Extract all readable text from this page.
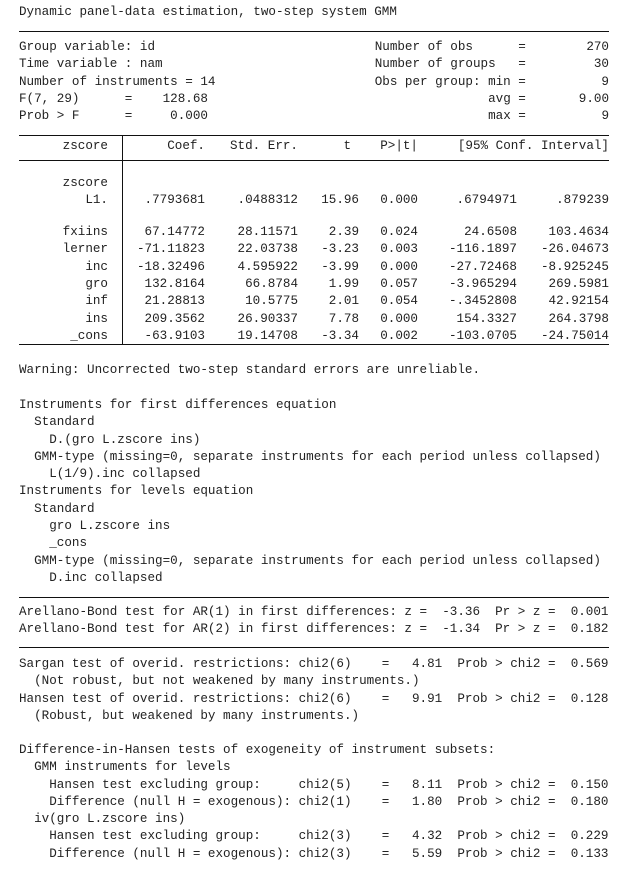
Dynamic panel-data estimation, two-step system GMM
Group variable: id	Number of obs      =        270
Time variable : nam	Number of groups   =         30
Number of instruments = 14	Obs per group: min =          9
F(7, 29)      =    128.68	avg =       9.00
Prob > F      =     0.000	max =          9
zscore	Coef. Std. Err.	t P>|t|	[95% Conf. Interval]
zscore
L1.	.7793681	.0488312 15.96 0.000	.6794971	.879239
fxiins	67.14772	28.11571 2.39 0.024	24.6508	103.4634
lerner -71.11823	22.03738 -3.23 0.003 -116.1897 -26.04673
inc -18.32496	4.595922 -3.99 0.000 -27.72468 -8.925245
gro	132.8164	66.8784 1.99 0.057 -3.965294	269.5981
inf	21.28813	10.5775 2.01 0.054 -.3452808	42.92154
ins	209.3562	26.90337 7.78 0.000	154.3327	264.3798
_cons	-63.9103	19.14708 -3.34 0.002 -103.0705 -24.75014
Warning: Uncorrected two-step standard errors are unreliable.
Instruments for first differences equation
Standard
D.(gro L.zscore ins)
GMM-type (missing=0, separate instruments for each period unless collapsed)
L(1/9).inc collapsed
Instruments for levels equation
Standard
gro L.zscore ins
_cons
GMM-type (missing=0, separate instruments for each period unless collapsed)
D.inc collapsed
Arellano-Bond test for AR(1) in first differences: z =  -3.36  Pr > z =  0.001
Arellano-Bond test for AR(2) in first differences: z =  -1.34  Pr > z =  0.182
Sargan test of overid. restrictions: chi2(6)    =   4.81  Prob > chi2 =  0.569
(Not robust, but not weakened by many instruments.)
Hansen test of overid. restrictions: chi2(6)    =   9.91  Prob > chi2 =  0.128
(Robust, but weakened by many instruments.)
Difference-in-Hansen tests of exogeneity of instrument subsets:
GMM instruments for levels
Hansen test excluding group:     chi2(5)    =   8.11  Prob > chi2 =  0.150
Difference (null H = exogenous): chi2(1)    =   1.80  Prob > chi2 =  0.180
iv(gro L.zscore ins)
Hansen test excluding group:     chi2(3)    =   4.32  Prob > chi2 =  0.229
Difference (null H = exogenous): chi2(3)    =   5.59  Prob > chi2 =  0.133
